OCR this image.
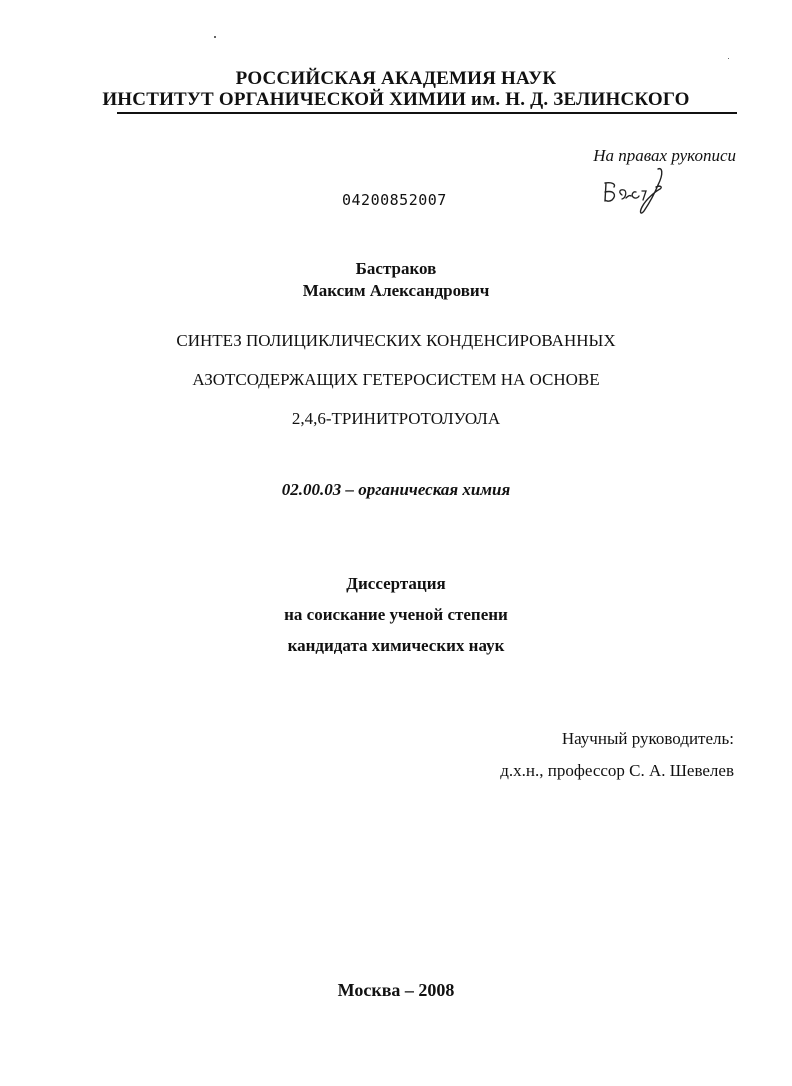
РОССИЙСКАЯ АКАДЕМИЯ НАУК
ИНСТИТУТ ОРГАНИЧЕСКОЙ ХИМИИ им. Н. Д. ЗЕЛИНСКОГО
На правах рукописи
04200852007
Бастраков
Максим Александрович
СИНТЕЗ ПОЛИЦИКЛИЧЕСКИХ КОНДЕНСИРОВАННЫХ
АЗОТСОДЕРЖАЩИХ ГЕТЕРОСИСТЕМ НА ОСНОВЕ
2,4,6-ТРИНИТРОТОЛУОЛА
02.00.03 – органическая химия
Диссертация
на соискание ученой степени
кандидата химических наук
Научный руководитель:
д.х.н., профессор С. А. Шевелев
Москва – 2008
